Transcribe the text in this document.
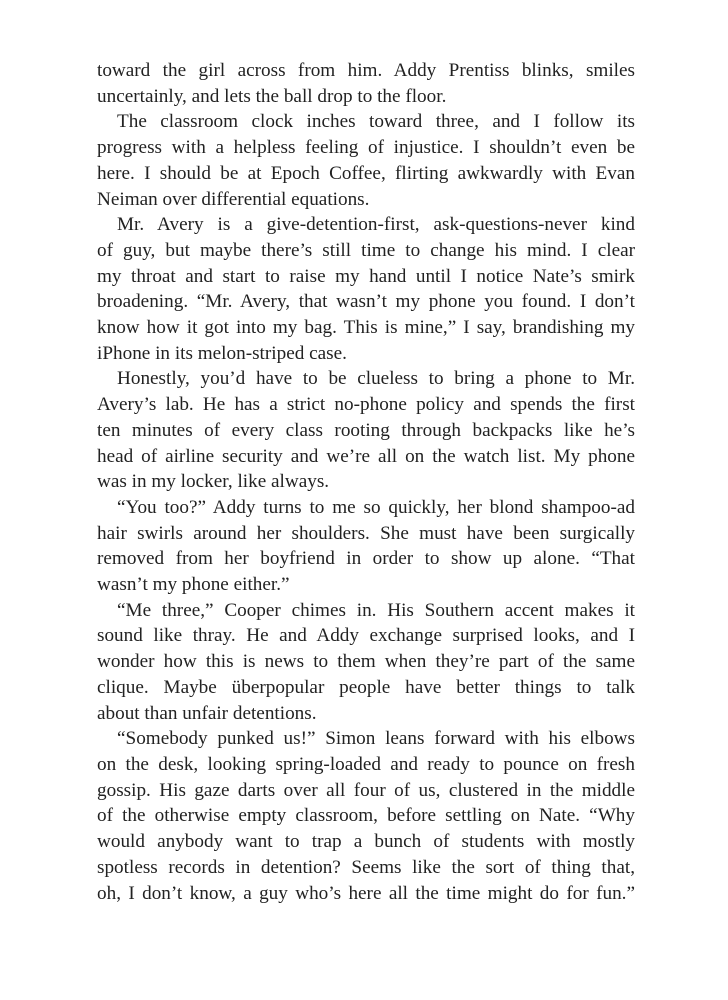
toward the girl across from him. Addy Prentiss blinks, smiles
uncertainly, and lets the ball drop to the floor.
The classroom clock inches toward three, and I follow its
progress with a helpless feeling of injustice. I shouldn’t even be
here. I should be at Epoch Coffee, flirting awkwardly with Evan
Neiman over differential equations.
Mr. Avery is a give-detention-first, ask-questions-never kind
of guy, but maybe there’s still time to change his mind. I clear
my throat and start to raise my hand until I notice Nate’s smirk
broadening. “Mr. Avery, that wasn’t my phone you found. I don’t
know how it got into my bag. This is mine,” I say, brandishing my
iPhone in its melon-striped case.
Honestly, you’d have to be clueless to bring a phone to Mr.
Avery’s lab. He has a strict no-phone policy and spends the first
ten minutes of every class rooting through backpacks like he’s
head of airline security and we’re all on the watch list. My phone
was in my locker, like always.
“You too?” Addy turns to me so quickly, her blond shampoo-ad
hair swirls around her shoulders. She must have been surgically
removed from her boyfriend in order to show up alone. “That
wasn’t my phone either.”
“Me three,” Cooper chimes in. His Southern accent makes it
sound like thray. He and Addy exchange surprised looks, and I
wonder how this is news to them when they’re part of the same
clique. Maybe überpopular people have better things to talk
about than unfair detentions.
“Somebody punked us!” Simon leans forward with his elbows
on the desk, looking spring-loaded and ready to pounce on fresh
gossip. His gaze darts over all four of us, clustered in the middle
of the otherwise empty classroom, before settling on Nate. “Why
would anybody want to trap a bunch of students with mostly
spotless records in detention? Seems like the sort of thing that,
oh, I don’t know, a guy who’s here all the time might do for fun.”
